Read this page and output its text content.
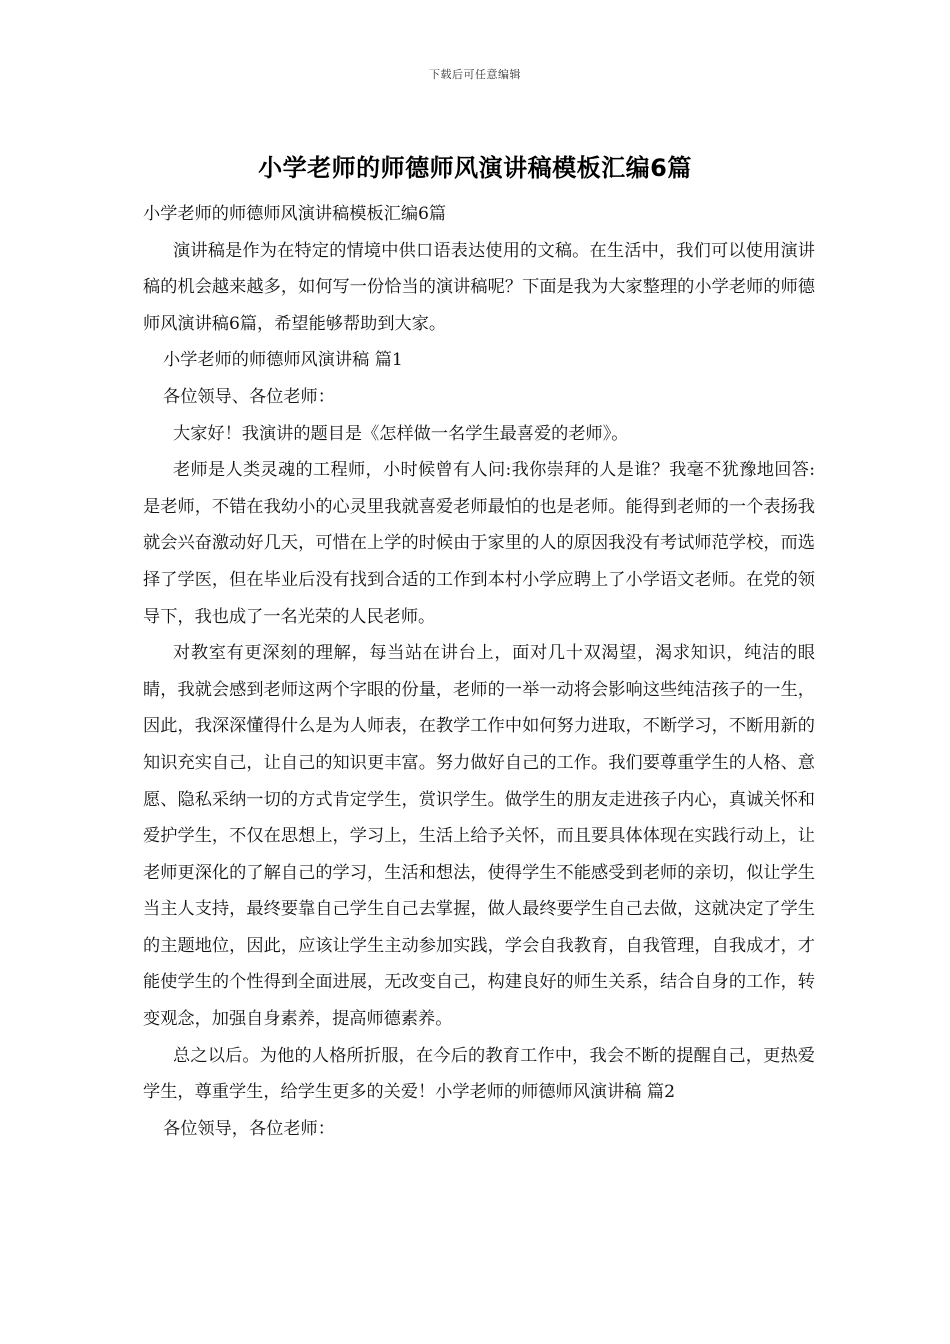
下载后可任意编辑
小学老师的师德师风演讲稿模板汇编6篇

小学老师的师德师风演讲稿模板汇编6篇

演讲稿是作为在特定的情境中供口语表达使用的文稿。在生活中，我们可以使用演讲稿的机会越来越多，如何写一份恰当的演讲稿呢？下面是我为大家整理的小学老师的师德师风演讲稿6篇，希望能够帮助到大家。

小学老师的师德师风演讲稿 篇1

各位领导、各位老师：

大家好！我演讲的题目是《怎样做一名学生最喜爱的老师》。

老师是人类灵魂的工程师，小时候曾有人问:我你崇拜的人是谁？我毫不犹豫地回答:是老师，不错在我幼小的心灵里我就喜爱老师最怕的也是老师。能得到老师的一个表扬我就会兴奋激动好几天，可惜在上学的时候由于家里的人的原因我没有考试师范学校，而选择了学医，但在毕业后没有找到合适的工作到本村小学应聘上了小学语文老师。在党的领导下，我也成了一名光荣的人民老师。

对教室有更深刻的理解，每当站在讲台上，面对几十双渴望，渴求知识，纯洁的眼睛，我就会感到老师这两个字眼的份量，老师的一举一动将会影响这些纯洁孩子的一生，因此，我深深懂得什么是为人师表，在教学工作中如何努力进取，不断学习，不断用新的知识充实自己，让自己的知识更丰富。努力做好自己的工作。我们要尊重学生的人格、意愿、隐私采纳一切的方式肯定学生，赏识学生。做学生的朋友走进孩子内心，真诚关怀和爱护学生，不仅在思想上，学习上，生活上给予关怀，而且要具体体现在实践行动上，让老师更深化的了解自己的学习，生活和想法，使得学生不能感受到老师的亲切，似让学生当主人支持，最终要靠自己学生自己去掌握，做人最终要学生自己去做，这就决定了学生的主题地位，因此，应该让学生主动参加实践，学会自我教育，自我管理，自我成才，才能使学生的个性得到全面进展，无改变自己，构建良好的师生关系，结合自身的工作，转变观念，加强自身素养，提高师德素养。

总之以后。为他的人格所折服，在今后的教育工作中，我会不断的提醒自己，更热爱学生，尊重学生，给学生更多的关爱！小学老师的师德师风演讲稿 篇2

各位领导，各位老师：
